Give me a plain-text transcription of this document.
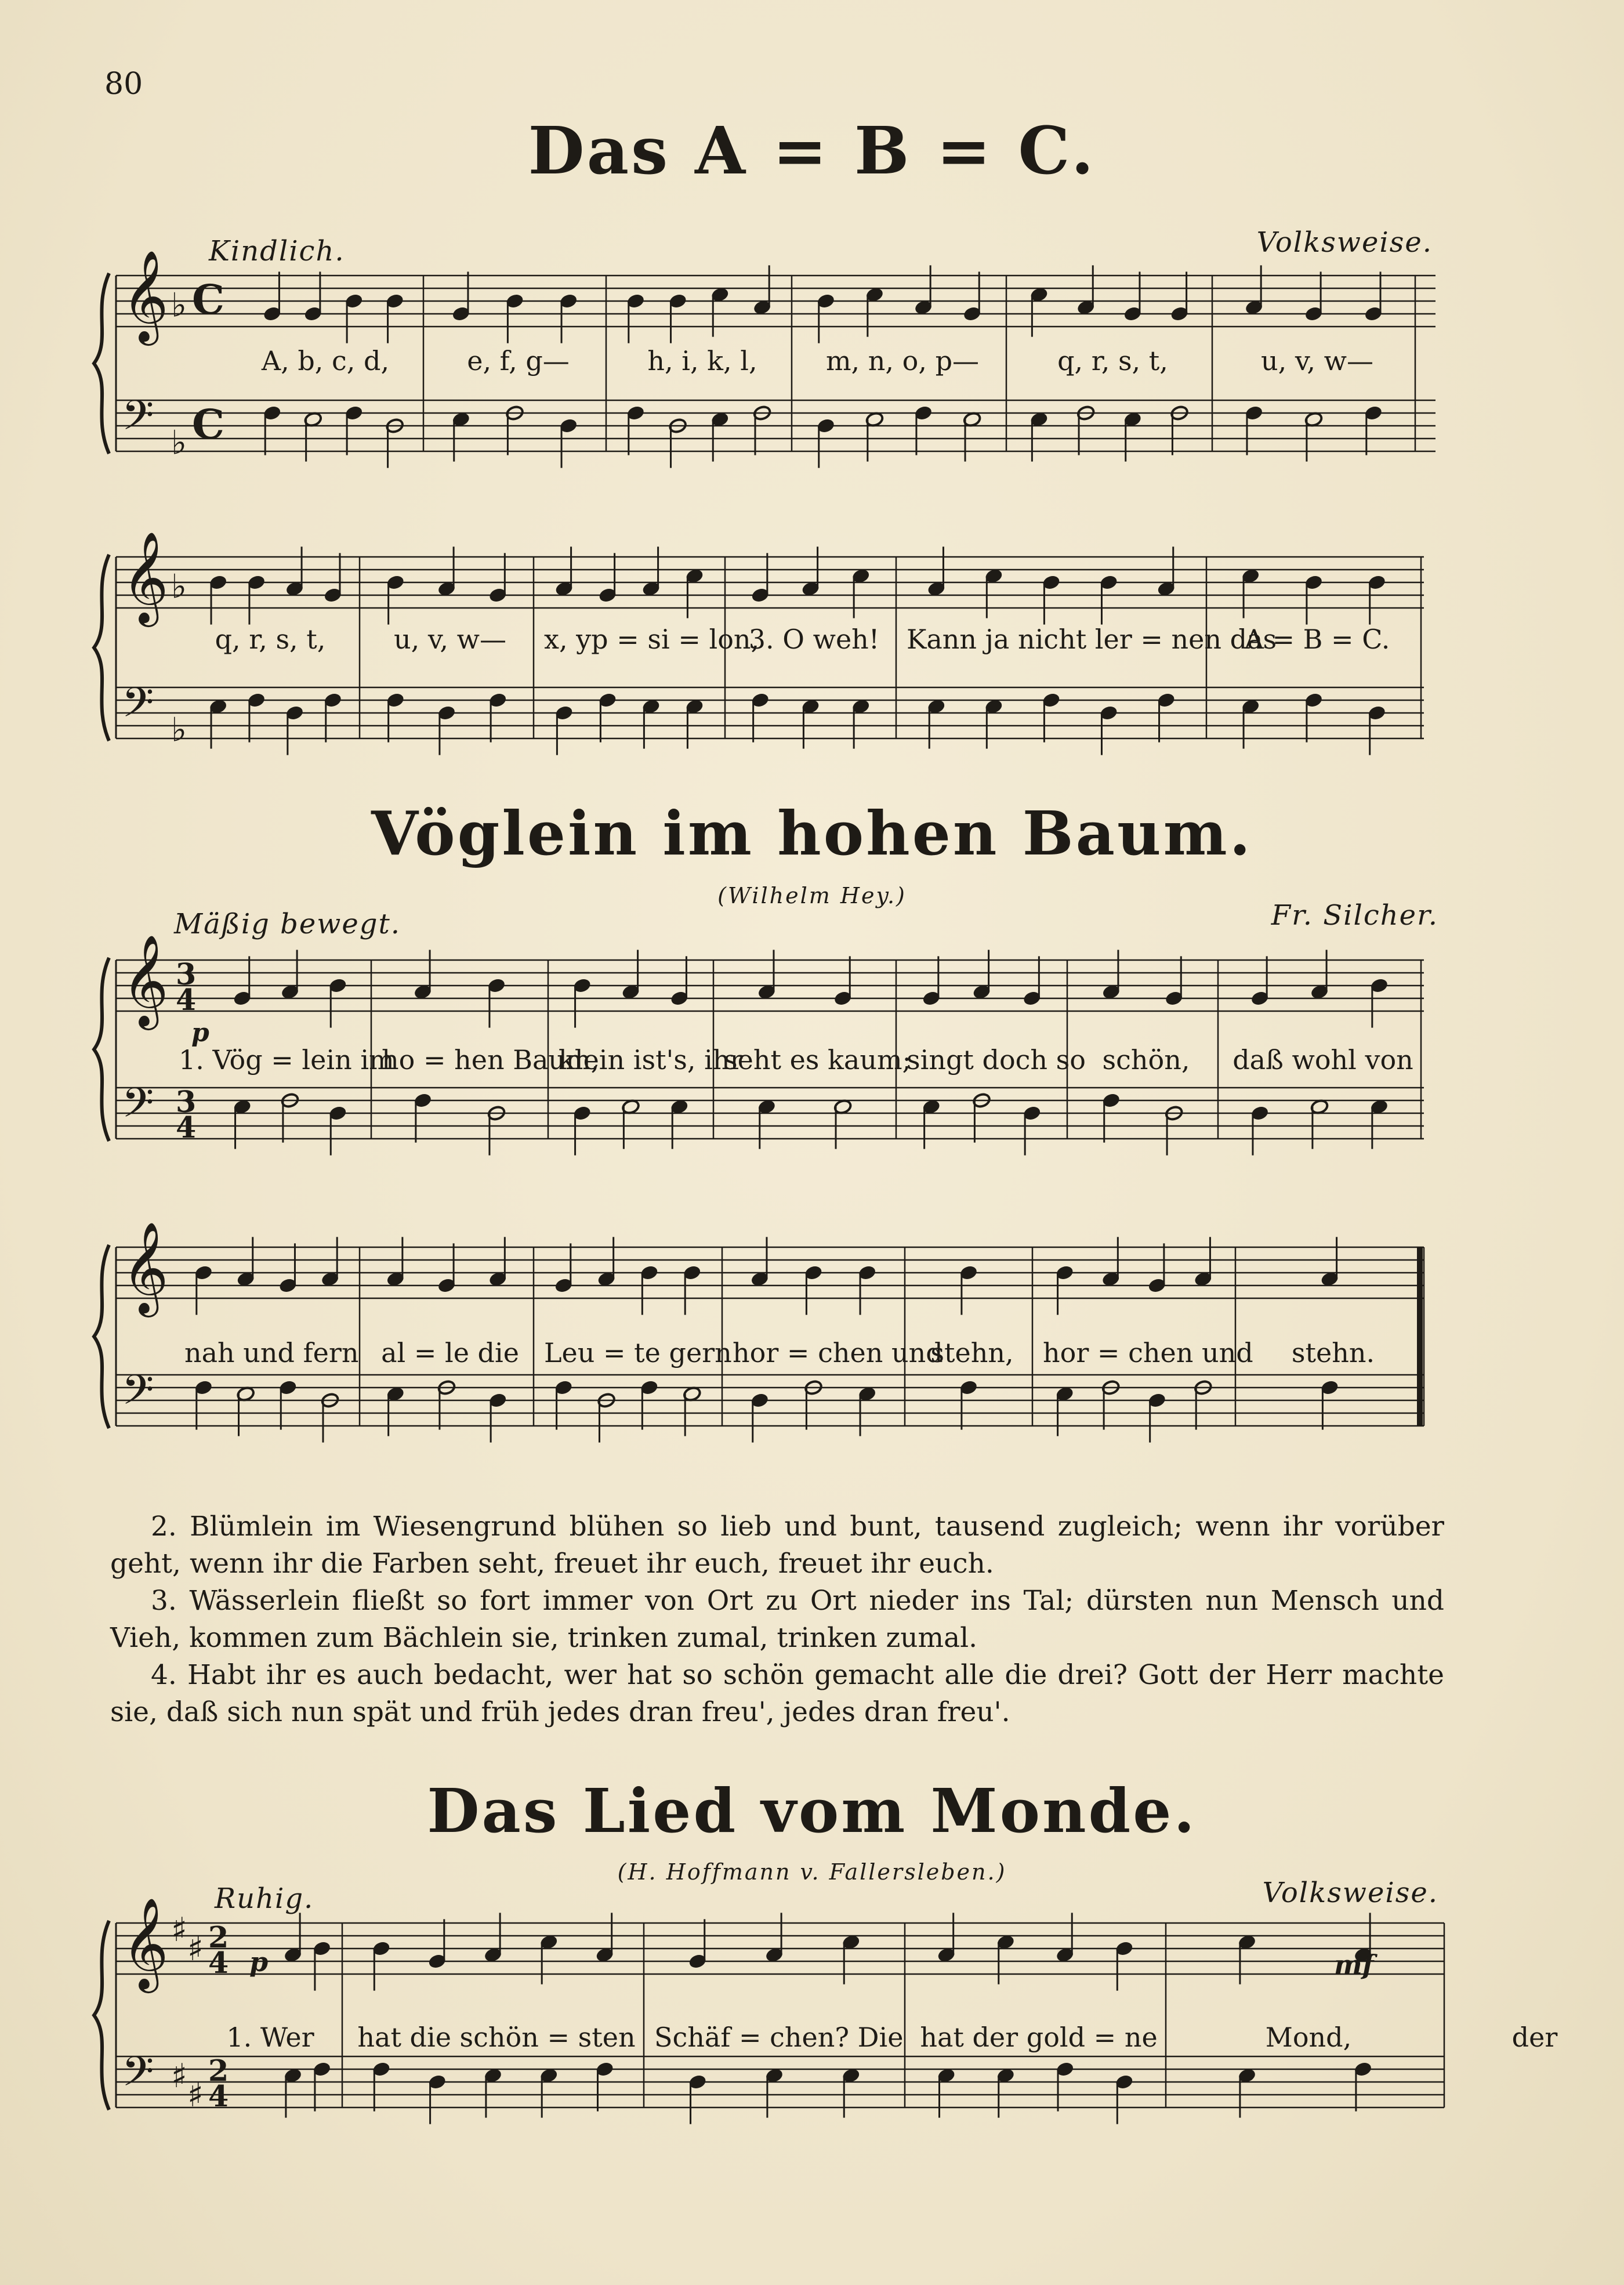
80
Das A = B = C.
Kindlich.	Volksweise.
𝄞
𝄢
♭
♭
C
C
𝄞
𝄢
♭
♭
A, b, c, d,	e, f, g—	h, i, k, l,	m, n, o, p—	q, r, s, t,	u, v, w—
q, r, s, t,	u, v, w—	x, yp = si = lon,
3. O weh!	Kann ja nicht ler = nen das
A = B = C.
Vöglein im hohen Baum.
(Wilhelm Hey.)
Mäßig bewegt.	Fr. Silcher.
𝄞
𝄢
3
4
3
4
𝄞
𝄢
p
1. Vög = lein im
ho = hen Baum,
klein ist's, ihr
seht es kaum;
singt doch so schön,	daß wohl von
nah und fern al = le die Leu = te gern hor = chen und
stehn,	hor = chen und	stehn.

2. Blümlein im Wiesengrund blühen so lieb und bunt, tausend zugleich; wenn ihr vorüber geht, wenn ihr die Farben seht, freuet ihr euch, freuet ihr euch.

3. Wässerlein fließt so fort immer von Ort zu Ort nieder ins Tal; dürsten nun Mensch und Vieh, kommen zum Bächlein sie, trinken zumal, trinken zumal.

4. Habt ihr es auch bedacht, wer hat so schön gemacht alle die drei? Gott der Herr machte sie, daß sich nun spät und früh jedes dran freu', jedes dran freu'.

Das Lied vom Monde.
(H. Hoffmann v. Fallersleben.)
Ruhig.	Volksweise.
𝄞
𝄢
♯
♯
♯
♯
2
4
2
4
p	mf
1. Wer	hat die schön = sten Schäf = chen? Die hat der gold = ne	Mond,	der
